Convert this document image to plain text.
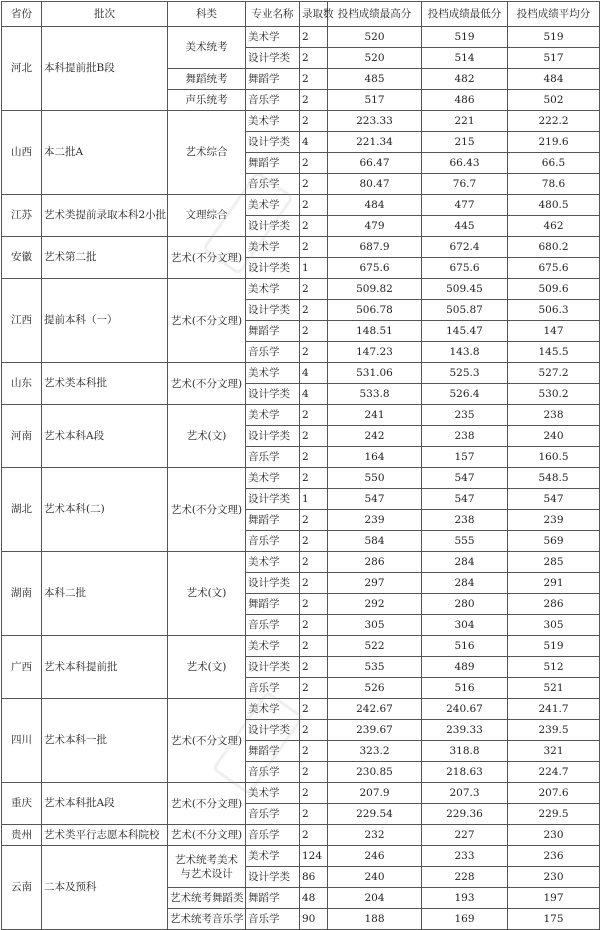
省份	批次	科类	专业名称	录取数	投档成绩最高分	投档成绩最低分	投档成绩平均分
河北	本科提前批B段	美术统考	美术学	2	520	519	519
			设计学类	2	520	514	517
		舞蹈统考	舞蹈学	2	485	482	484
		声乐统考	音乐学	2	517	486	502
山西	本二批A	艺术综合	美术学	2	223.33	221	222.2
			设计学类	4	221.34	215	219.6
			舞蹈学	2	66.47	66.43	66.5
			音乐学	2	80.47	76.7	78.6
江苏	艺术类提前录取本科2小批	文理综合	美术学	2	484	477	480.5
			设计学类	2	479	445	462
安徽	艺术第二批	艺术(不分文理)	美术学	2	687.9	672.4	680.2
			设计学类	1	675.6	675.6	675.6
江西	提前本科（一）	艺术(不分文理)	美术学	2	509.82	509.45	509.6
			设计学类	2	506.78	505.87	506.3
			舞蹈学	2	148.51	145.47	147
			音乐学	2	147.23	143.8	145.5
山东	艺术类本科批	艺术(不分文理)	美术学	4	531.06	525.3	527.2
			设计学类	4	533.8	526.4	530.2
河南	艺术本科A段	艺术(文)	美术学	2	241	235	238
			设计学类	2	242	238	240
			音乐学	2	164	157	160.5
湖北	艺术本科(二)	艺术(不分文理)	美术学	2	550	547	548.5
			设计学类	1	547	547	547
			舞蹈学	2	239	238	239
			音乐学	2	584	555	569
湖南	本科二批	艺术(文)	美术学	2	286	284	285
			设计学类	2	297	284	291
			舞蹈学	2	292	280	286
			音乐学	2	305	304	305
广西	艺术本科提前批	艺术(文)	美术学	2	522	516	519
			设计学类	2	535	489	512
			音乐学	2	526	516	521
四川	艺术本科一批	艺术(不分文理)	美术学	2	242.67	240.67	241.7
			设计学类	2	239.67	239.33	239.5
			舞蹈学	2	323.2	318.8	321
			音乐学	2	230.85	218.63	224.7
重庆	艺术本科批A段	艺术(不分文理)	美术学	2	207.9	207.3	207.6
			音乐学	2	229.54	229.36	229.5
贵州	艺术类平行志愿本科院校	艺术(不分文理)	音乐学	2	232	227	230
云南	二本及预科	艺术统考美术与艺术设计	美术学	124	246	233	236
			设计学类	86	240	228	230
		艺术统考舞蹈类	舞蹈学	48	204	193	197
		艺术统考音乐学	音乐学	90	188	169	175
